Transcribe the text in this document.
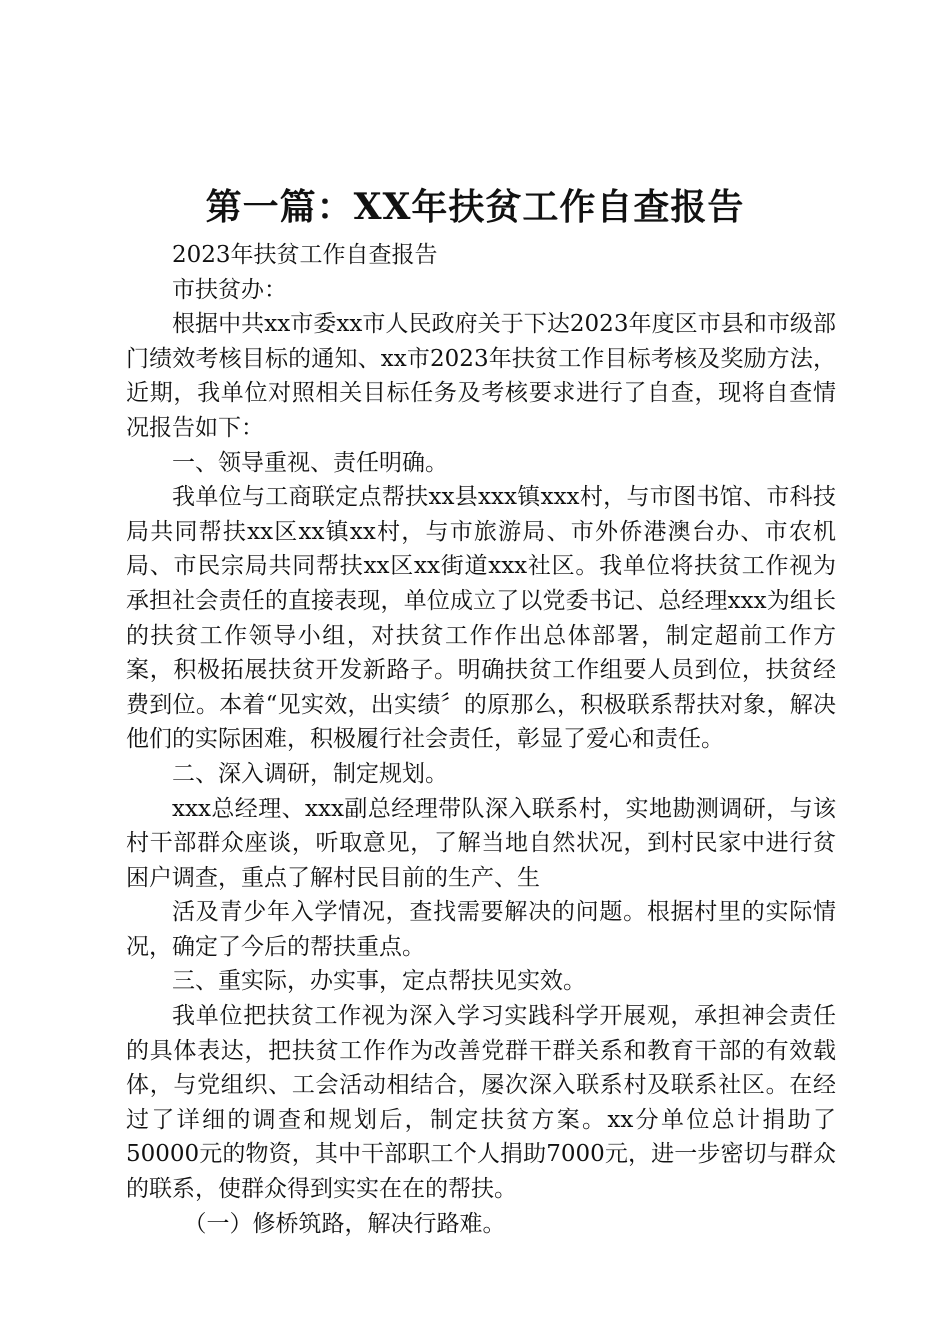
第一篇：XX年扶贫工作自查报告

2023年扶贫工作自查报告

市扶贫办：

根据中共xx市委xx市人民政府关于下达2023年度区市县和市级部门绩效考核目标的通知、xx市2023年扶贫工作目标考核及奖励方法，近期，我单位对照相关目标任务及考核要求进行了自查，现将自查情况报告如下：

一、领导重视、责任明确。

我单位与工商联定点帮扶xx县xxx镇xxx村，与市图书馆、市科技局共同帮扶xx区xx镇xx村，与市旅游局、市外侨港澳台办、市农机局、市民宗局共同帮扶xx区xx街道xxx社区。我单位将扶贫工作视为承担社会责任的直接表现，单位成立了以党委书记、总经理xxx为组长的扶贫工作领导小组，对扶贫工作作出总体部署，制定超前工作方案，积极拓展扶贫开发新路子。明确扶贫工作组要人员到位，扶贫经费到位。本着“见实效，出实绩〞的原那么，积极联系帮扶对象，解决他们的实际困难，积极履行社会责任，彰显了爱心和责任。

二、深入调研，制定规划。

xxx总经理、xxx副总经理带队深入联系村，实地勘测调研，与该村干部群众座谈，听取意见，了解当地自然状况，到村民家中进行贫困户调查，重点了解村民目前的生产、生

活及青少年入学情况，查找需要解决的问题。根据村里的实际情况，确定了今后的帮扶重点。

三、重实际，办实事，定点帮扶见实效。

我单位把扶贫工作视为深入学习实践科学开展观，承担神会责任的具体表达，把扶贫工作作为改善党群干群关系和教育干部的有效载体，与党组织、工会活动相结合，屡次深入联系村及联系社区。在经过了详细的调查和规划后，制定扶贫方案。xx分单位总计捐助了50000元的物资，其中干部职工个人捐助7000元，进一步密切与群众的联系，使群众得到实实在在的帮扶。

（一）修桥筑路，解决行路难。
